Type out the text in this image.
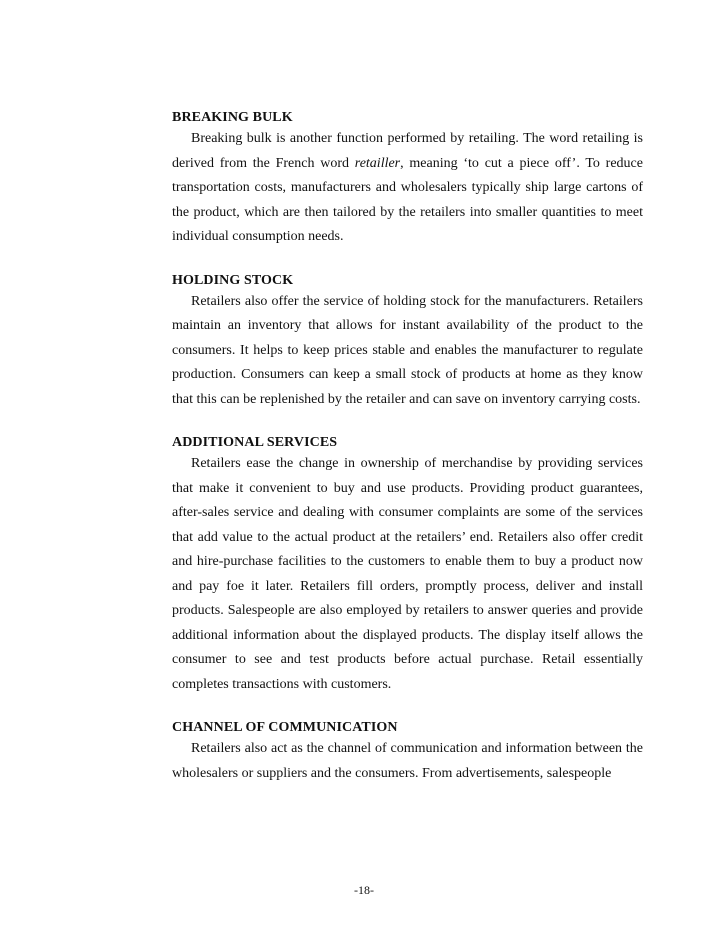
BREAKING BULK

Breaking bulk is another function performed by retailing. The word retailing is derived from the French word retailler, meaning ‘to cut a piece off’. To reduce transportation costs, manufacturers and wholesalers typically ship large cartons of the product, which are then tailored by the retailers into smaller quantities to meet individual consumption needs.

HOLDING STOCK

Retailers also offer the service of holding stock for the manufacturers. Retailers maintain an inventory that allows for instant availability of the product to the consumers. It helps to keep prices stable and enables the manufacturer to regulate production. Consumers can keep a small stock of products at home as they know that this can be replenished by the retailer and can save on inventory carrying costs.

ADDITIONAL SERVICES

Retailers ease the change in ownership of merchandise by providing services that make it convenient to buy and use products. Providing product guarantees, after-sales service and dealing with consumer complaints are some of the services that add value to the actual product at the retailers’ end. Retailers also offer credit and hire-purchase facilities to the customers to enable them to buy a product now and pay foe it later. Retailers fill orders, promptly process, deliver and install products. Salespeople are also employed by retailers to answer queries and provide additional information about the displayed products. The display itself allows the consumer to see and test products before actual purchase. Retail essentially completes transactions with customers.

CHANNEL OF COMMUNICATION

Retailers also act as the channel of communication and information between the wholesalers or suppliers and the consumers. From advertisements, salespeople

-18-
